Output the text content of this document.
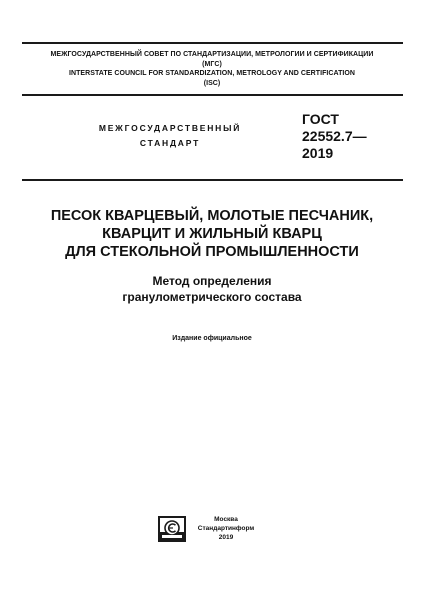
МЕЖГОСУДАРСТВЕННЫЙ СОВЕТ ПО СТАНДАРТИЗАЦИИ, МЕТРОЛОГИИ И СЕРТИФИКАЦИИ
(МГС)
INTERSTATE COUNCIL FOR STANDARDIZATION, METROLOGY AND CERTIFICATION
(ISC)
МЕЖГОСУДАРСТВЕННЫЙ
СТАНДАРТ
ГОСТ
22552.7—
2019
ПЕСОК КВАРЦЕВЫЙ, МОЛОТЫЕ ПЕСЧАНИК,
КВАРЦИТ И ЖИЛЬНЫЙ КВАРЦ
ДЛЯ СТЕКОЛЬНОЙ ПРОМЫШЛЕННОСТИ
Метод определения
гранулометрического состава
Издание официальное
Москва
Стандартинформ
2019
